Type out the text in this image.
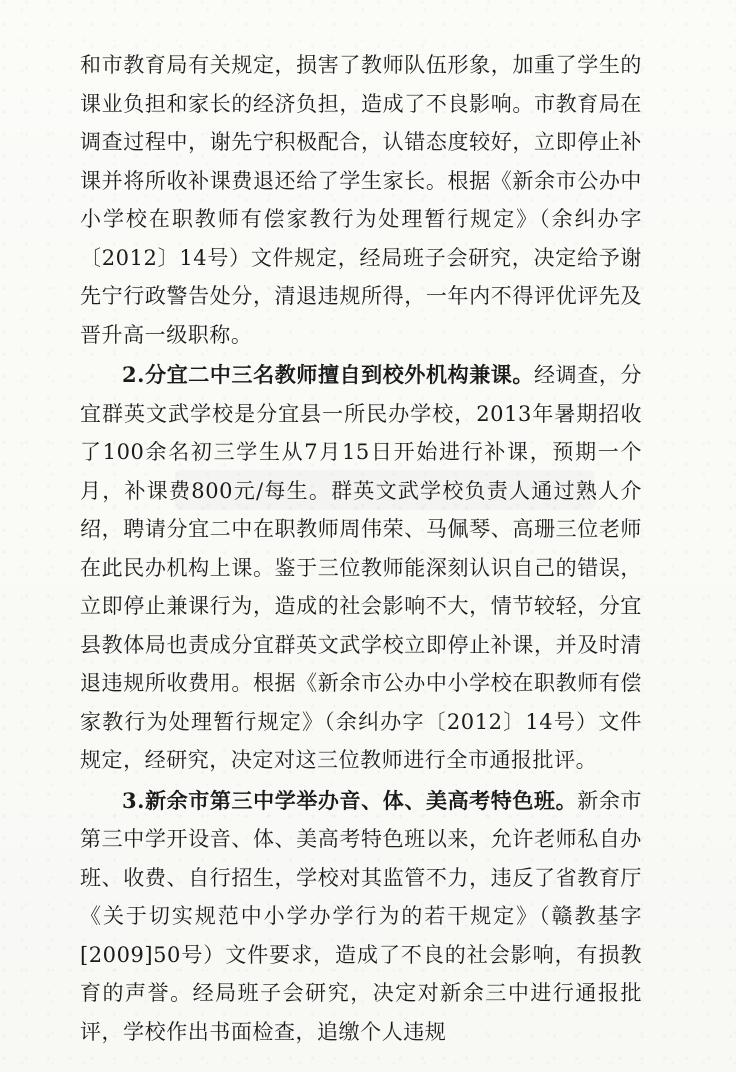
和市教育局有关规定，损害了教师队伍形象，加重了学生的课业负担和家长的经济负担，造成了不良影响。市教育局在调查过程中，谢先宁积极配合，认错态度较好，立即停止补课并将所收补课费退还给了学生家长。根据《新余市公办中小学校在职教师有偿家教行为处理暂行规定》（余纠办字〔2012〕14号）文件规定，经局班子会研究，决定给予谢先宁行政警告处分，清退违规所得，一年内不得评优评先及晋升高一级职称。

2.分宜二中三名教师擅自到校外机构兼课。经调查，分宜群英文武学校是分宜县一所民办学校，2013年暑期招收了100余名初三学生从7月15日开始进行补课，预期一个月，补课费800元/每生。群英文武学校负责人通过熟人介绍，聘请分宜二中在职教师周伟荣、马佩琴、高珊三位老师在此民办机构上课。鉴于三位教师能深刻认识自己的错误，立即停止兼课行为，造成的社会影响不大，情节较轻，分宜县教体局也责成分宜群英文武学校立即停止补课，并及时清退违规所收费用。根据《新余市公办中小学校在职教师有偿家教行为处理暂行规定》（余纠办字〔2012〕14号）文件规定，经研究，决定对这三位教师进行全市通报批评。

3.新余市第三中学举办音、体、美高考特色班。新余市第三中学开设音、体、美高考特色班以来，允许老师私自办班、收费、自行招生，学校对其监管不力，违反了省教育厅《关于切实规范中小学办学行为的若干规定》（赣教基字[2009]50号）文件要求，造成了不良的社会影响，有损教育的声誉。经局班子会研究，决定对新余三中进行通报批评，学校作出书面检查，追缴个人违规
